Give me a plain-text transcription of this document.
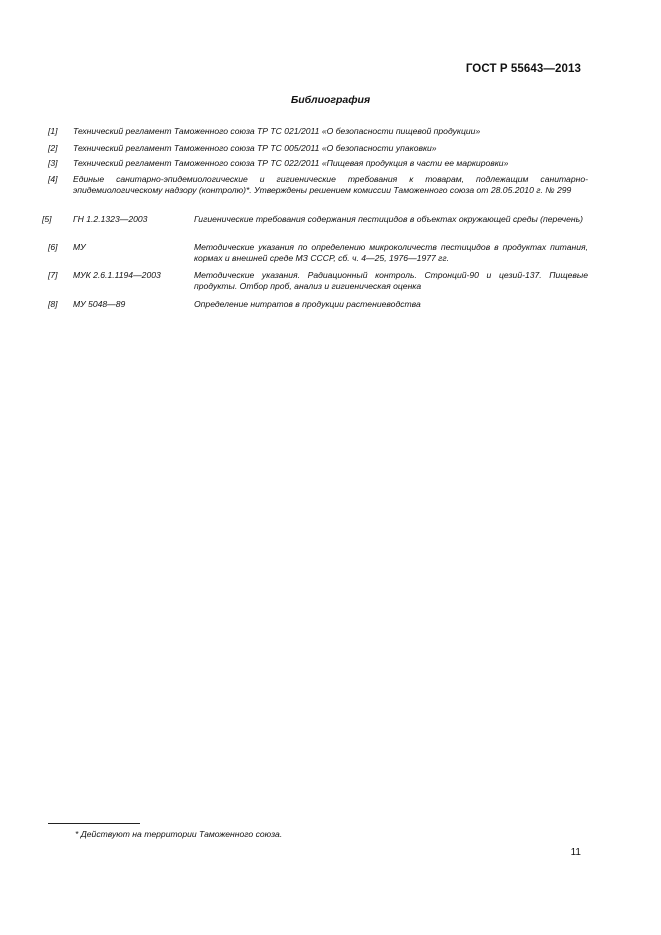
ГОСТ Р 55643—2013
Библиография
[1] Технический регламент Таможенного союза ТР ТС 021/2011 «О безопасности пищевой продукции»
[2] Технический регламент Таможенного союза ТР ТС 005/2011 «О безопасности упаковки»
[3] Технический регламент Таможенного союза ТР ТС 022/2011 «Пищевая продукция в части ее маркировки»
[4] Единые санитарно-эпидемиологические и гигиенические требования к товарам, подлежащим санитарно-эпидемиологическому надзору (контролю)*. Утверждены решением комиссии Таможенного союза от 28.05.2010 г. № 299
[5] ГН 1.2.1323—2003	Гигиенические требования содержания пестицидов в объектах окружающей среды (перечень)
[6] МУ	Методические указания по определению микроколичеств пестицидов в продуктах питания, кормах и внешней среде МЗ СССР, сб. ч. 4—25, 1976—1977 гг.
[7] МУК 2.6.1.1194—2003	Методические указания. Радиационный контроль. Стронций-90 и цезий-137. Пищевые продукты. Отбор проб, анализ и гигиеническая оценка
[8] МУ 5048—89	Определение нитратов в продукции растениеводства
* Действуют на территории Таможенного союза.
11
